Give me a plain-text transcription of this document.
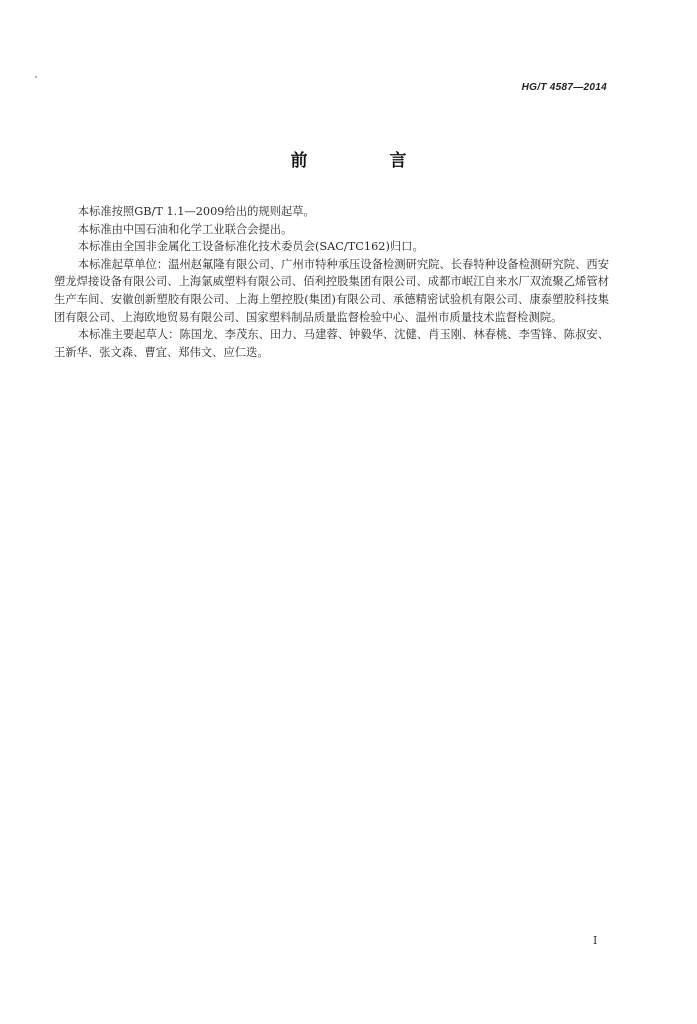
HG/T 4587—2014
前 言

本标准按照GB/T 1.1—2009给出的规则起草。

本标准由中国石油和化学工业联合会提出。

本标准由全国非金属化工设备标准化技术委员会(SAC/TC162)归口。

本标准起草单位：温州赵氟隆有限公司、广州市特种承压设备检测研究院、长春特种设备检测研究院、西安塑龙焊接设备有限公司、上海氯威塑料有限公司、佰利控股集团有限公司、成都市岷江自来水厂双流聚乙烯管材生产车间、安徽创新塑胶有限公司、上海上塑控股(集团)有限公司、承德精密试验机有限公司、康泰塑胶科技集团有限公司、上海欧地贸易有限公司、国家塑料制品质量监督检验中心、温州市质量技术监督检测院。

本标准主要起草人：陈国龙、李茂东、田力、马建蓉、钟毅华、沈健、肖玉刚、林春桃、李雪锋、陈叔安、王新华、张文森、曹宜、郑伟文、应仁迭。

I
